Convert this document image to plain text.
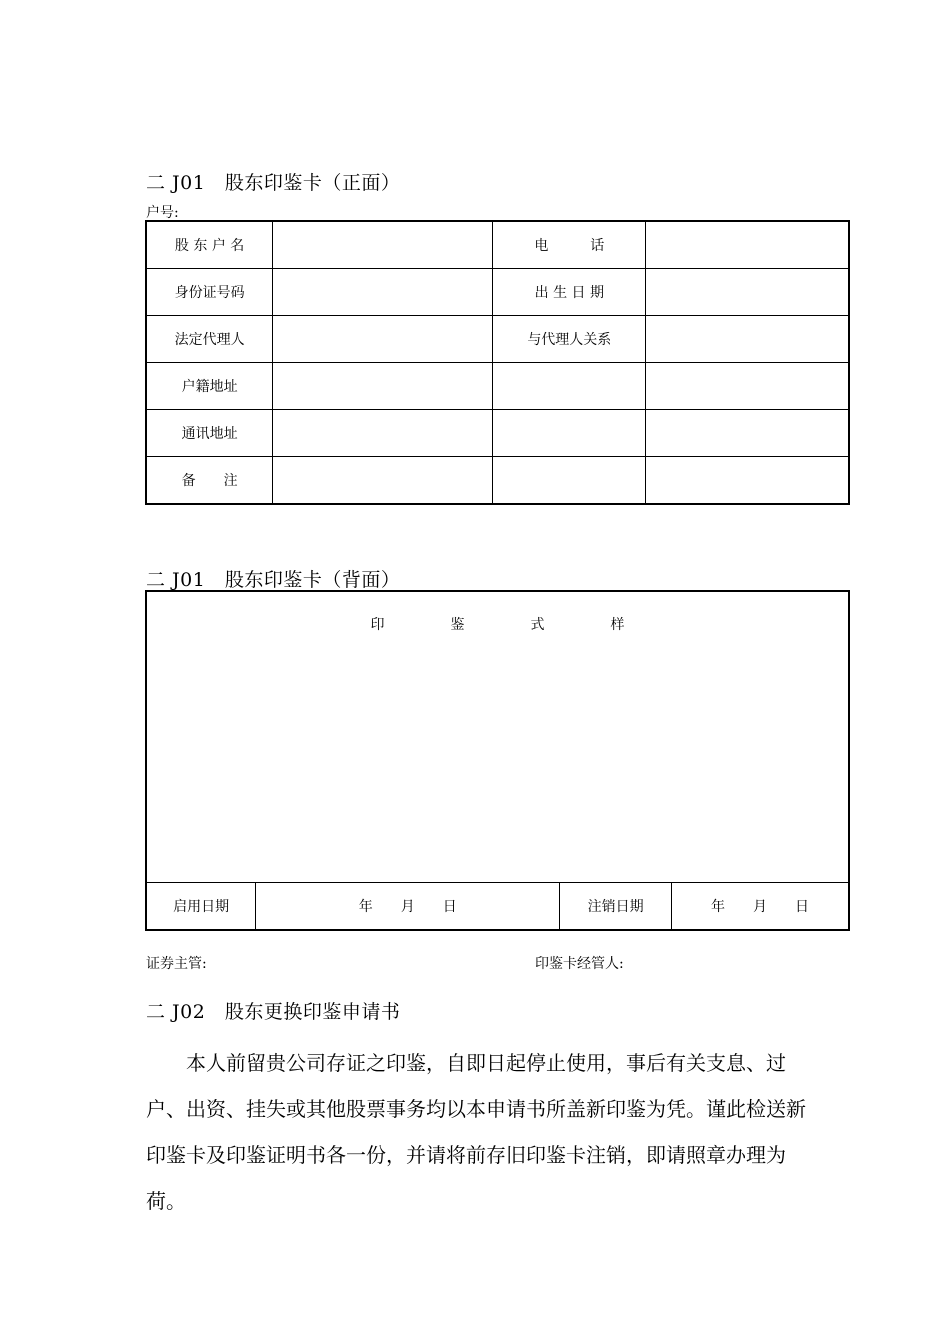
二 J01　股东印鉴卡（正面）
户号:
股 东 户 名		电　　　话	
身份证号码		出 生 日 期	
法定代理人		与代理人关系	
户籍地址			
通讯地址			
备　　注			
二 J01　股东印鉴卡（背面）
印	鉴	式	样

启用日期	年　　月　　日	注销日期	年　　月　　日
证券主管:	印鉴卡经管人:
二 J02　股东更换印鉴申请书
本人前留贵公司存证之印鉴，自即日起停止使用，事后有关支息、过户、出资、挂失或其他股票事务均以本申请书所盖新印鉴为凭。谨此检送新印鉴卡及印鉴证明书各一份，并请将前存旧印鉴卡注销，即请照章办理为荷。
